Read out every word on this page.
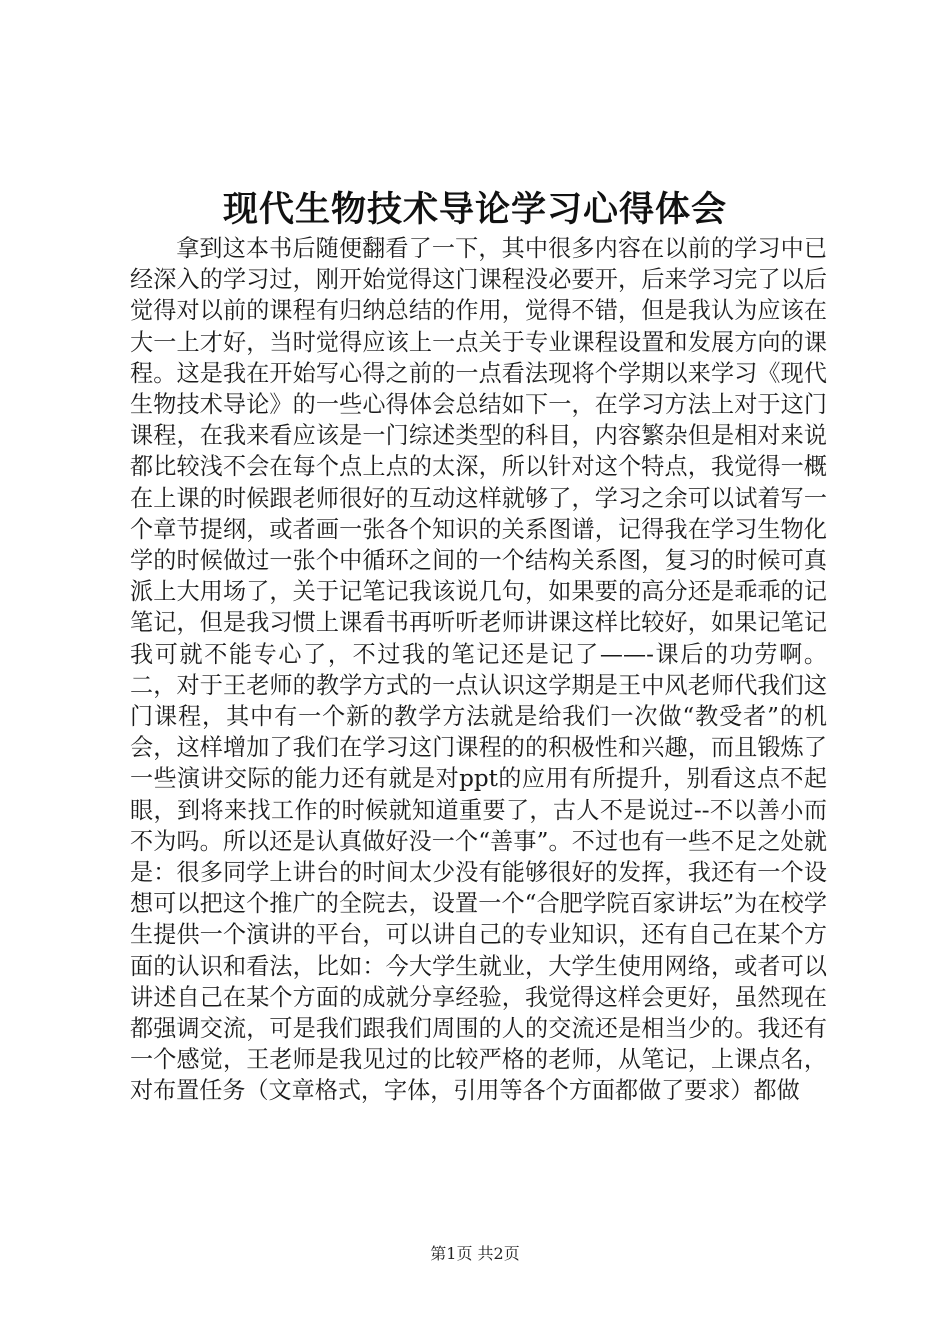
现代生物技术导论学习心得体会

拿到这本书后随便翻看了一下，其中很多内容在以前的学习中已经深入的学习过，刚开始觉得这门课程没必要开，后来学习完了以后觉得对以前的课程有归纳总结的作用，觉得不错，但是我认为应该在大一上才好，当时觉得应该上一点关于专业课程设置和发展方向的课程。这是我在开始写心得之前的一点看法现将个学期以来学习《现代生物技术导论》的一些心得体会总结如下一，在学习方法上对于这门课程，在我来看应该是一门综述类型的科目，内容繁杂但是相对来说都比较浅不会在每个点上点的太深，所以针对这个特点，我觉得一概在上课的时候跟老师很好的互动这样就够了，学习之余可以试着写一个章节提纲，或者画一张各个知识的关系图谱，记得我在学习生物化学的时候做过一张个中循环之间的一个结构关系图，复习的时候可真派上大用场了，关于记笔记我该说几句，如果要的高分还是乖乖的记笔记，但是我习惯上课看书再听听老师讲课这样比较好，如果记笔记我可就不能专心了，不过我的笔记还是记了——-课后的功劳啊。二，对于王老师的教学方式的一点认识这学期是王中风老师代我们这门课程，其中有一个新的教学方法就是给我们一次做“教受者”的机会，这样增加了我们在学习这门课程的的积极性和兴趣，而且锻炼了一些演讲交际的能力还有就是对ppt的应用有所提升，别看这点不起眼，到将来找工作的时候就知道重要了，古人不是说过--不以善小而不为吗。所以还是认真做好没一个“善事”。不过也有一些不足之处就是：很多同学上讲台的时间太少没有能够很好的发挥，我还有一个设想可以把这个推广的全院去，设置一个“合肥学院百家讲坛”为在校学生提供一个演讲的平台，可以讲自己的专业知识，还有自己在某个方面的认识和看法，比如：今大学生就业，大学生使用网络，或者可以讲述自己在某个方面的成就分享经验，我觉得这样会更好，虽然现在都强调交流，可是我们跟我们周围的人的交流还是相当少的。我还有一个感觉，王老师是我见过的比较严格的老师，从笔记，上课点名，对布置任务（文章格式，字体，引用等各个方面都做了要求）都做

第1页 共2页
